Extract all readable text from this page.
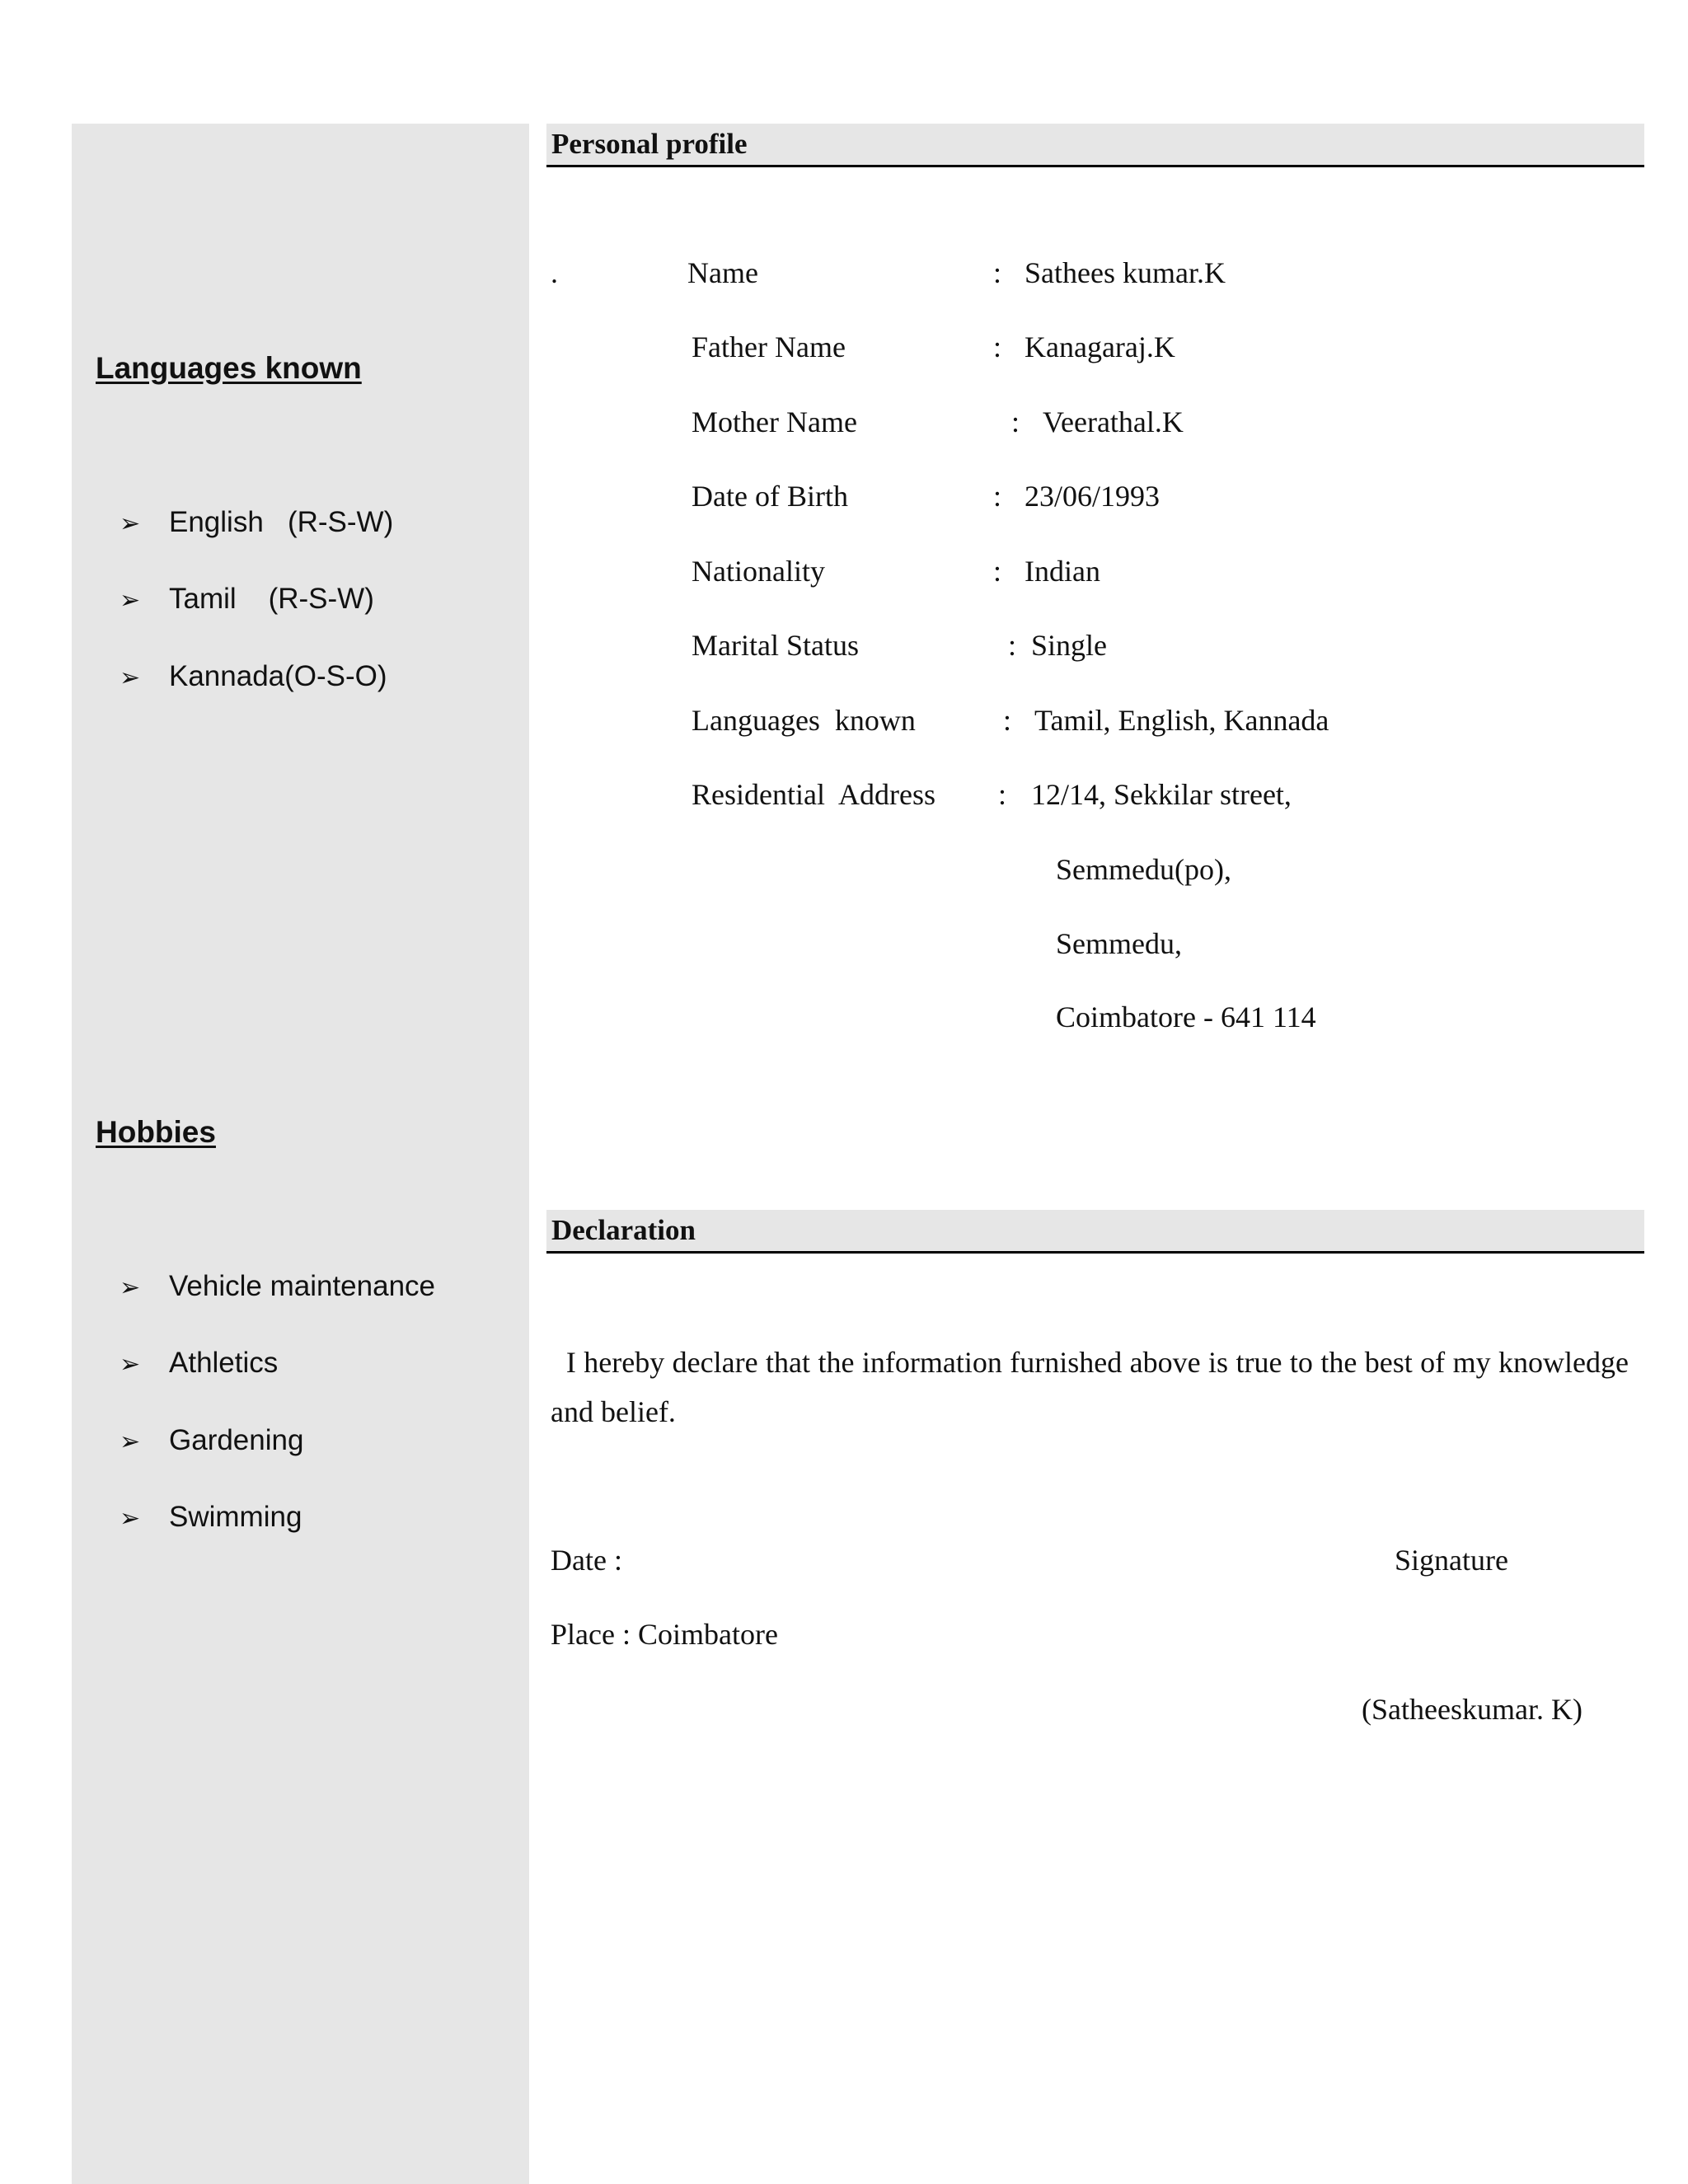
Languages known
➢ English   (R-S-W)
➢ Tamil    (R-S-W)
➢ Kannada(O-S-O)
Hobbies
➢ Vehicle maintenance
➢ Athletics
➢ Gardening
➢ Swimming
Personal profile
.	Name	: Sathees kumar.K
Father Name	: Kanagaraj.K
Mother Name	: Veerathal.K
Date of Birth	: 23/06/1993
Nationality	: Indian
Marital Status	: Single
Languages  known	: Tamil, English, Kannada
Residential  Address : 12/14, Sekkilar street,
Semmedu(po),
Semmedu,
Coimbatore - 641 114
Declaration
I hereby declare that the information furnished above is true to the best of my knowledge and belief.
Date :	Signature
Place : Coimbatore
(Satheeskumar. K)
